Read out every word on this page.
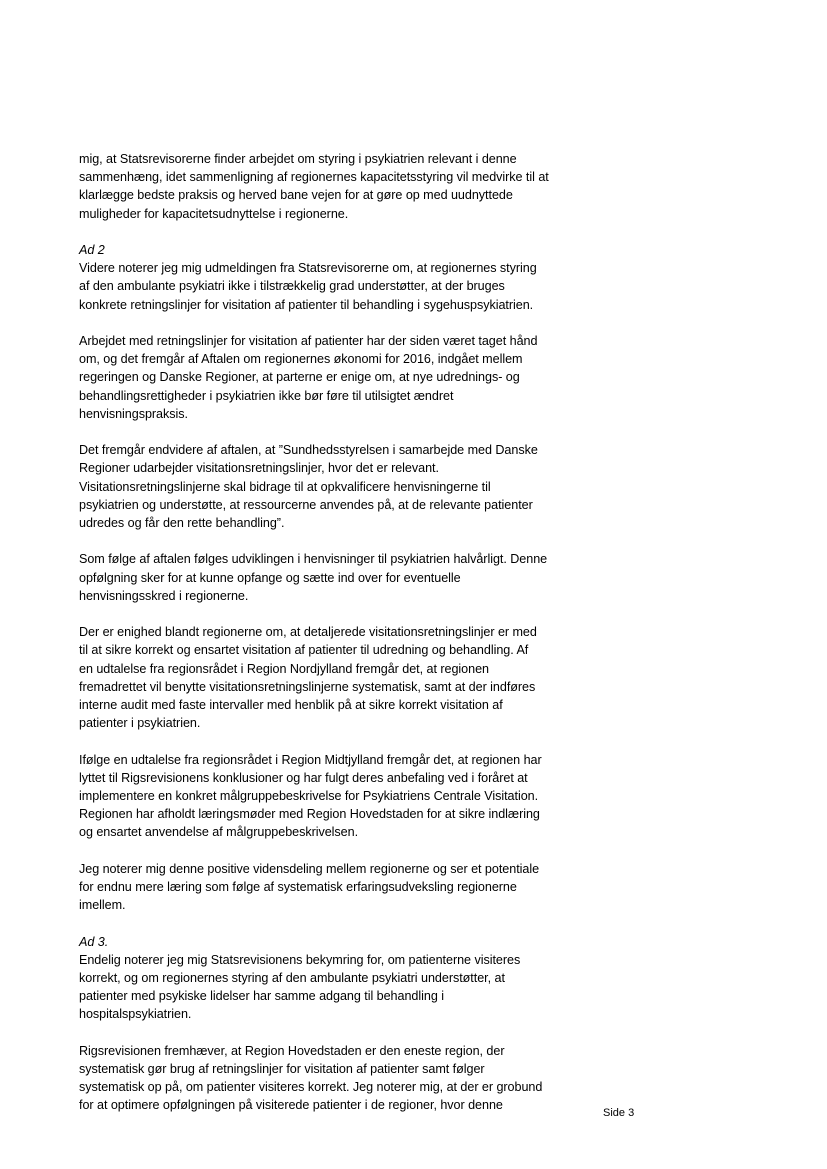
mig, at Statsrevisorerne finder arbejdet om styring i psykiatrien relevant i denne
sammenhæng, idet sammenligning af regionernes kapacitetsstyring vil medvirke til at
klarlægge bedste praksis og herved bane vejen for at gøre op med uudnyttede
muligheder for kapacitetsudnyttelse i regionerne.

Ad 2
Videre noterer jeg mig udmeldingen fra Statsrevisorerne om, at regionernes styring
af den ambulante psykiatri ikke i tilstrækkelig grad understøtter, at der bruges
konkrete retningslinjer for visitation af patienter til behandling i sygehuspsykiatrien.

Arbejdet med retningslinjer for visitation af patienter har der siden været taget hånd
om, og det fremgår af Aftalen om regionernes økonomi for 2016, indgået mellem
regeringen og Danske Regioner, at parterne er enige om, at nye udrednings- og
behandlingsrettigheder i psykiatrien ikke bør føre til utilsigtet ændret
henvisningspraksis.

Det fremgår endvidere af aftalen, at ”Sundhedsstyrelsen i samarbejde med Danske
Regioner udarbejder visitationsretningslinjer, hvor det er relevant.
Visitationsretningslinjerne skal bidrage til at opkvalificere henvisningerne til
psykiatrien og understøtte, at ressourcerne anvendes på, at de relevante patienter
udredes og får den rette behandling”.

Som følge af aftalen følges udviklingen i henvisninger til psykiatrien halvårligt. Denne
opfølgning sker for at kunne opfange og sætte ind over for eventuelle
henvisningsskred i regionerne.

Der er enighed blandt regionerne om, at detaljerede visitationsretningslinjer er med
til at sikre korrekt og ensartet visitation af patienter til udredning og behandling. Af
en udtalelse fra regionsrådet i Region Nordjylland fremgår det, at regionen
fremadrettet vil benytte visitationsretningslinjerne systematisk, samt at der indføres
interne audit med faste intervaller med henblik på at sikre korrekt visitation af
patienter i psykiatrien.

Ifølge en udtalelse fra regionsrådet i Region Midtjylland fremgår det, at regionen har
lyttet til Rigsrevisionens konklusioner og har fulgt deres anbefaling ved i foråret at
implementere en konkret målgruppebeskrivelse for Psykiatriens Centrale Visitation.
Regionen har afholdt læringsmøder med Region Hovedstaden for at sikre indlæring
og ensartet anvendelse af målgruppebeskrivelsen.

Jeg noterer mig denne positive vidensdeling mellem regionerne og ser et potentiale
for endnu mere læring som følge af systematisk erfaringsudveksling regionerne
imellem.

Ad 3.
Endelig noterer jeg mig Statsrevisionens bekymring for, om patienterne visiteres
korrekt, og om regionernes styring af den ambulante psykiatri understøtter, at
patienter med psykiske lidelser har samme adgang til behandling i
hospitalspsykiatrien.

Rigsrevisionen fremhæver, at Region Hovedstaden er den eneste region, der
systematisk gør brug af retningslinjer for visitation af patienter samt følger
systematisk op på, om patienter visiteres korrekt. Jeg noterer mig, at der er grobund
for at optimere opfølgningen på visiterede patienter i de regioner, hvor denne

Side 3
